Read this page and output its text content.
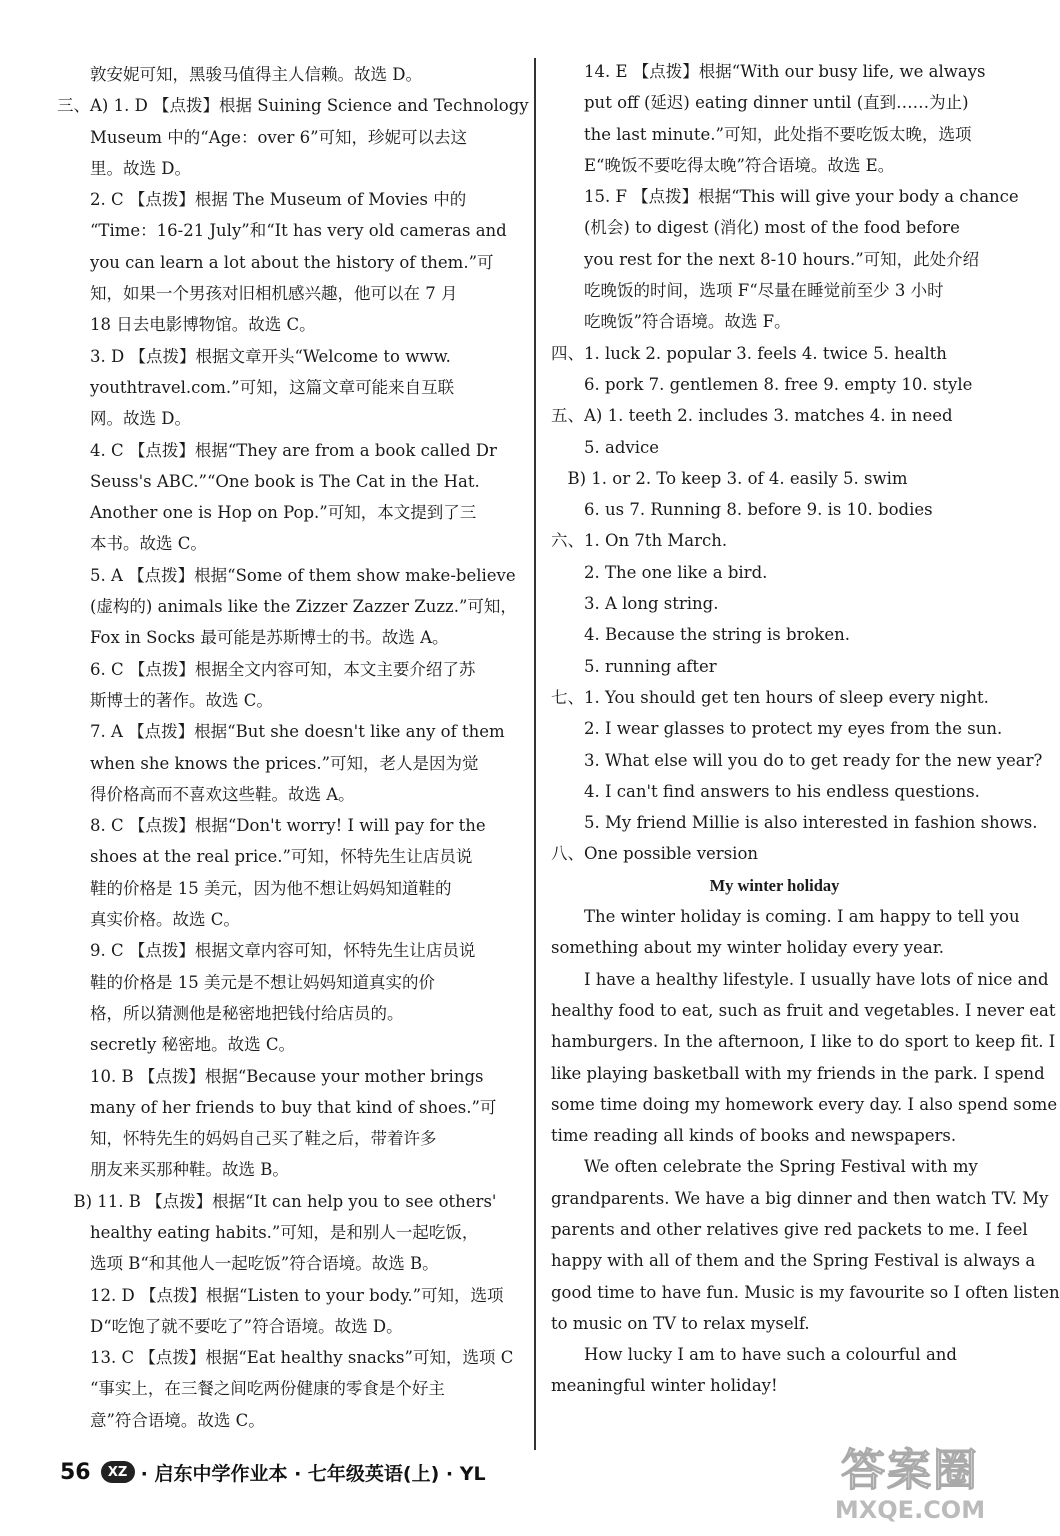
  敦安妮可知，黑骏马值得主人信赖。故选 D。
三、A) 1. D 【点拨】根据 Suining Science and Technology
  Museum 中的“Age：over 6”可知，珍妮可以去这
  里。故选 D。
  2. C 【点拨】根据 The Museum of Movies 中的
  “Time：16-21 July”和“It has very old cameras and
  you can learn a lot about the history of them.”可
  知，如果一个男孩对旧相机感兴趣，他可以在 7 月
  18 日去电影博物馆。故选 C。
  3. D 【点拨】根据文章开头“Welcome to www.
  youthtravel.com.”可知，这篇文章可能来自互联
  网。故选 D。
  4. C 【点拨】根据“They are from a book called Dr
  Seuss's ABC.”“One book is The Cat in the Hat.
  Another one is Hop on Pop.”可知，本文提到了三
  本书。故选 C。
  5. A 【点拨】根据“Some of them show make-believe
  (虚构的) animals like the Zizzer Zazzer Zuzz.”可知，
  Fox in Socks 最可能是苏斯博士的书。故选 A。
  6. C 【点拨】根据全文内容可知，本文主要介绍了苏
  斯博士的著作。故选 C。
  7. A 【点拨】根据“But she doesn't like any of them
  when she knows the prices.”可知，老人是因为觉
  得价格高而不喜欢这些鞋。故选 A。
  8. C 【点拨】根据“Don't worry! I will pay for the
  shoes at the real price.”可知，怀特先生让店员说
  鞋的价格是 15 美元，因为他不想让妈妈知道鞋的
  真实价格。故选 C。
  9. C 【点拨】根据文章内容可知，怀特先生让店员说
  鞋的价格是 15 美元是不想让妈妈知道真实的价
  格，所以猜测他是秘密地把钱付给店员的。
  secretly 秘密地。故选 C。
  10. B 【点拨】根据“Because your mother brings
  many of her friends to buy that kind of shoes.”可
  知，怀特先生的妈妈自己买了鞋之后，带着许多
  朋友来买那种鞋。故选 B。
 B) 11. B 【点拨】根据“It can help you to see others'
  healthy eating habits.”可知，是和别人一起吃饭，
  选项 B“和其他人一起吃饭”符合语境。故选 B。
  12. D 【点拨】根据“Listen to your body.”可知，选项
  D“吃饱了就不要吃了”符合语境。故选 D。
  13. C 【点拨】根据“Eat healthy snacks”可知，选项 C
  “事实上，在三餐之间吃两份健康的零食是个好主
  意”符合语境。故选 C。
  14. E 【点拨】根据“With our busy life, we always
  put off (延迟) eating dinner until (直到……为止)
  the last minute.”可知，此处指不要吃饭太晚，选项
  E“晚饭不要吃得太晚”符合语境。故选 E。
  15. F 【点拨】根据“This will give your body a chance
  (机会) to digest (消化) most of the food before
  you rest for the next 8-10 hours.”可知，此处介绍
  吃晚饭的时间，选项 F“尽量在睡觉前至少 3 小时
  吃晚饭”符合语境。故选 F。
四、1. luck 2. popular 3. feels 4. twice 5. health
  6. pork 7. gentlemen 8. free 9. empty 10. style
五、A) 1. teeth 2. includes 3. matches 4. in need
  5. advice
 B) 1. or 2. To keep 3. of 4. easily 5. swim
  6. us 7. Running 8. before 9. is 10. bodies
六、1. On 7th March.
  2. The one like a bird.
  3. A long string.
  4. Because the string is broken.
  5. running after
七、1. You should get ten hours of sleep every night.
  2. I wear glasses to protect my eyes from the sun.
  3. What else will you do to get ready for the new year?
  4. I can't find answers to his endless questions.
  5. My friend Millie is also interested in fashion shows.
八、One possible version
My winter holiday
  The winter holiday is coming. I am happy to tell you
something about my winter holiday every year.
  I have a healthy lifestyle. I usually have lots of nice and
healthy food to eat, such as fruit and vegetables. I never eat
hamburgers. In the afternoon, I like to do sport to keep fit. I
like playing basketball with my friends in the park. I spend
some time doing my homework every day. I also spend some
time reading all kinds of books and newspapers.
  We often celebrate the Spring Festival with my
grandparents. We have a big dinner and then watch TV. My
parents and other relatives give red packets to me. I feel
happy with all of them and the Spring Festival is always a
good time to have fun. Music is my favourite so I often listen
to music on TV to relax myself.
  How lucky I am to have such a colourful and
meaningful winter holiday!
56	XZ · 启东中学作业本 · 七年级英语(上) · YL	答案圈
MXQE.COM
